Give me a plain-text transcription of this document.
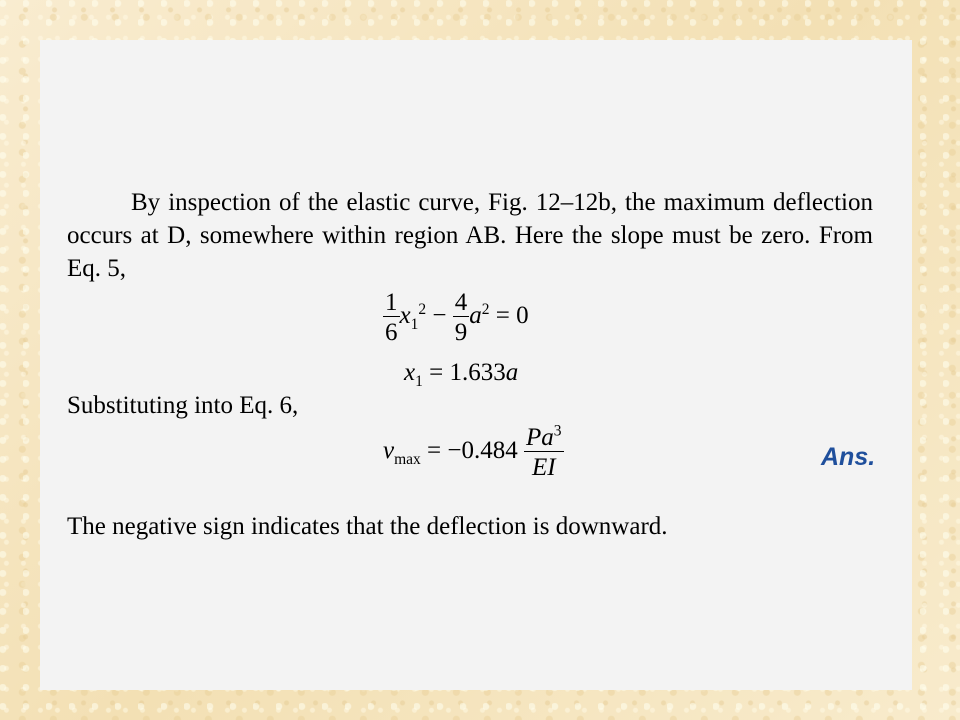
By inspection of the elastic curve, Fig. 12–12b, the maximum deflection occurs at D, somewhere within region AB. Here the slope must be zero. From Eq. 5,

$\frac{1}{6} x_1^2 - \frac{4}{9} a^2 = 0$
$x_1 = 1.633a$

Substituting into Eq. 6,

$v_{max} = -0.484 \frac{Pa^3}{EI}$	Ans.

The negative sign indicates that the deflection is downward.
